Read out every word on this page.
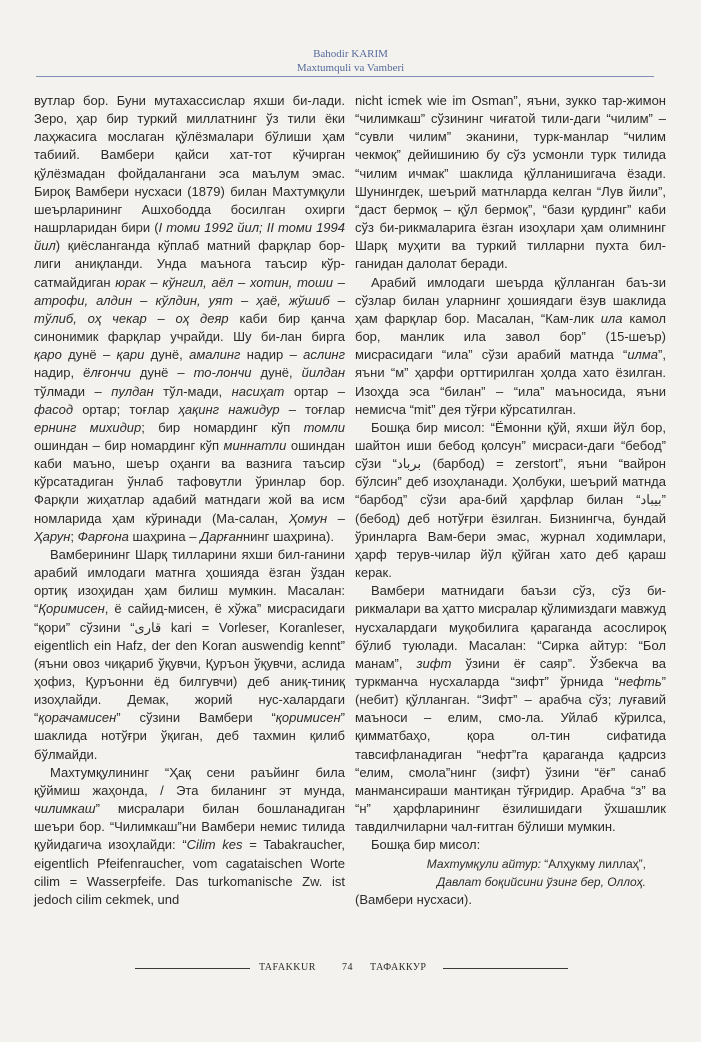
Bahodir KARIM
Maxtumquli va Vamberi

вутлар бор. Буни мутахассислар яхши би-лади. Зеро, ҳар бир туркий миллатнинг ўз тили ёки лаҳжасига мослаган қўлёзмалари бўлиши ҳам табиий. Вамбери қайси хат-тот кўчирган қўлёзмадан фойдалангани эса маълум эмас. Бироқ Вамбери нусхаси (1879) билан Махтумқули шеърларининг Ашхободда босилган охирги нашрларидан бири (I томи 1992 йил; II томи 1994 йил) қиёсланганда кўплаб матний фарқлар бор-лиги аниқланди. Унда маънога таъсир кўр-сатмайдиган юрак – кўнгил, аёл – хотин, тоши – атрофи, алдин – кўлдин, уят – ҳаё, жўшиб – тўлиб, оҳ чекар – оҳ деяр каби бир қанча синонимик фарқлар учрайди. Шу би-лан бирга қаро дунё – қари дунё, амалинг надир – аслинг надир, ёлғончи дунё – то-лончи дунё, йилдан тўлмади – пулдан тўл-мади, насиҳат ортар – фасод ортар; тоғлар ҳақинг нажидур – тоғлар ернинг михидир; бир номардинг кўп томли ошиндан – бир номардинг кўп миннатли ошиндан каби маъно, шеър оҳанги ва вазнига таъсир кўрсатадиган ўнлаб тафовутли ўринлар бор. Фарқли жиҳатлар адабий матндаги жой ва исм номларида ҳам кўринади (Ма-салан, Ҳомун – Ҳарун; Фарғона шаҳрина – Дарғаннинг шаҳрина).

Вамберининг Шарқ тилларини яхши бил-ганини арабий имлодаги матнга ҳошияда ёзган ўздан ортиқ изоҳидан ҳам билиш мумкин. Масалан: “Қоримисен, ё сайид-мисен, ё хўжа” мисрасидаги “қори” сўзини “قارى kari = Vorleser, Koranleser, eigentlich ein Hafz, der den Koran auswendig kennt” (яъни овоз чиқариб ўқувчи, Қуръон ўқувчи, аслида ҳофиз, Қуръонни ёд билгувчи) деб аниқ-тиниқ изоҳлайди. Демак, жорий нус-халардаги “қорачамисен” сўзини Вамбери “қоримисен” шаклида нотўғри ўқиган, деб тахмин қилиб бўлмайди.

Махтумқулининг “Ҳақ сени раъйинг била қўймиш жаҳонда, / Эта биланинг эт мунда, чилимкаш” мисралари билан бошланадиган шеъри бор. “Чилимкаш”ни Вамбери немис тилида қуйидагича изоҳлайди: “Cilim kes = Tabakraucher, eigentlich Pfeifenraucher, vom cagataischen Worte cilim = Wasserpfeife. Das turkomanische Zw. ist jedoch cilim cekmek, und

nicht icmek wie im Osman”, яъни, зукко тар-жимон “чилимкаш” сўзининг чиғатой тили-даги “чилим” – “сувли чилим” эканини, турк-манлар “чилим чекмоқ” дейишинию бу сўз усмонли турк тилида “чилим ичмак” шаклида қўлланишигача ёзади. Шунингдек, шеърий матнларда келган “Лув йили”, “даст бермоқ – қўл бермоқ”, “бази қурдинг” каби сўз би-рикмаларига ёзган изоҳлари ҳам олимнинг Шарқ муҳити ва туркий тилларни пухта бил-ганидан далолат беради.

Арабий имлодаги шеърда қўлланган баъ-зи сўзлар билан уларнинг ҳошиядаги ёзув шаклида ҳам фарқлар бор. Масалан, “Кам-лик ила камол бор, манлик ила завол бор” (15-шеър) мисрасидаги “ила” сўзи арабий матнда “илма”, яъни “м” ҳарфи орттирилган ҳолда хато ёзилган. Изоҳда эса “билан” – “ила” маъносида, яъни немисча “mit” дея тўғри кўрсатилган.

Бошқа бир мисол: “Ёмонни қўй, яхши йўл бор, шайтон иши бебод қолсун” мисраси-даги “бебод” сўзи “برباد (барбод) = zerstort”, яъни “вайрон бўлсин” деб изоҳланади. Ҳолбуки, шеърий матнда “барбод” сўзи ара-бий ҳарфлар билан “بيباد” (бебод) деб нотўғри ёзилган. Бизнингча, бундай ўринларга Вам-бери эмас, журнал ходимлари, ҳарф терув-чилар йўл қўйган хато деб қараш керак.

Вамбери матнидаги баъзи сўз, сўз би-рикмалари ва ҳатто мисралар қўлимиздаги мавжуд нусхалардаги муқобилига қараганда асослироқ бўлиб туюлади. Масалан: “Сирка айтур: “Бол манам”, зифт ўзини ёғ саяр”. Ўзбекча ва туркманча нусхаларда “зифт” ўрнида “нефть” (небит) қўлланган. “Зифт” – арабча сўз; луғавий маъноси – елим, смо-ла. Уйлаб кўрилса, қимматбаҳо, қора ол-тин сифатида тавсифланадиган “нефт”га қараганда қадрсиз “елим, смола”нинг (зифт) ўзини “ёғ” санаб манмансираши мантиқан тўғридир. Арабча “з” ва “н” ҳарфларининг ёзилишидаги ўхшашлик тавдилчиларни чал-ғитган бўлиши мумкин.

Бошқа бир мисол:

Махтумқули айтур: “Алҳукму лиллаҳ”,

Давлат боқийсини ўзинг бер, Оллоҳ.

(Вамбери нусхаси).

TAFAKKUR	74 ТАФАККУР
